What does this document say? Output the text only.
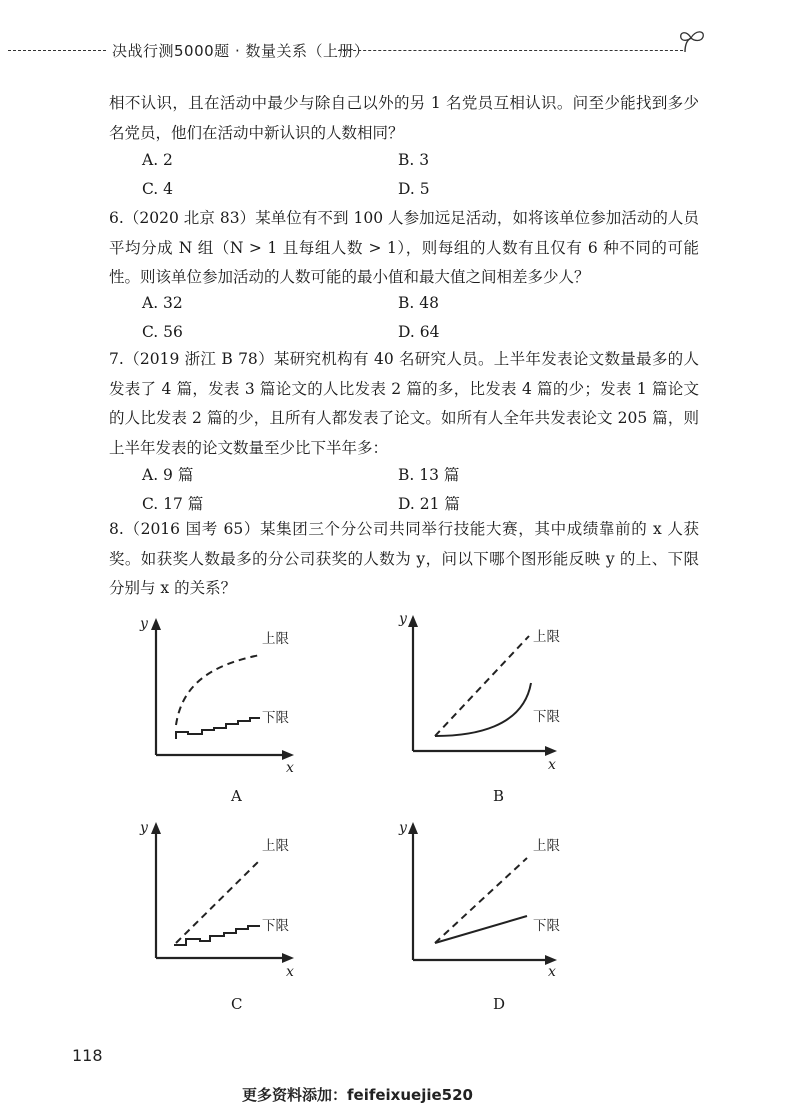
决战行测5000题 · 数量关系（上册）
相不认识，且在活动中最少与除自己以外的另 1 名党员互相认识。问至少能找到多少名党员，他们在活动中新认识的人数相同？
A. 2	B. 3
C. 4	D. 5
6.（2020 北京 83）某单位有不到 100 人参加远足活动，如将该单位参加活动的人员平均分成 N 组（N > 1 且每组人数 > 1），则每组的人数有且仅有 6 种不同的可能性。则该单位参加活动的人数可能的最小值和最大值之间相差多少人？
A. 32	B. 48
C. 56	D. 64
7.（2019 浙江 B 78）某研究机构有 40 名研究人员。上半年发表论文数量最多的人发表了 4 篇，发表 3 篇论文的人比发表 2 篇的多，比发表 4 篇的少；发表 1 篇论文的人比发表 2 篇的少，且所有人都发表了论文。如所有人全年共发表论文 205 篇，则上半年发表的论文数量至少比下半年多：
A. 9 篇	B. 13 篇
C. 17 篇	D. 21 篇
8.（2016 国考 65）某集团三个分公司共同举行技能大赛，其中成绩靠前的 x 人获奖。如获奖人数最多的分公司获奖的人数为 y，问以下哪个图形能反映 y 的上、下限分别与 x 的关系？
y
x
上限
下限
A
y
x
上限
下限
B
y
x
上限
下限
C
y
x
上限
下限
D
118
更多资料添加：feifeixuejie520
